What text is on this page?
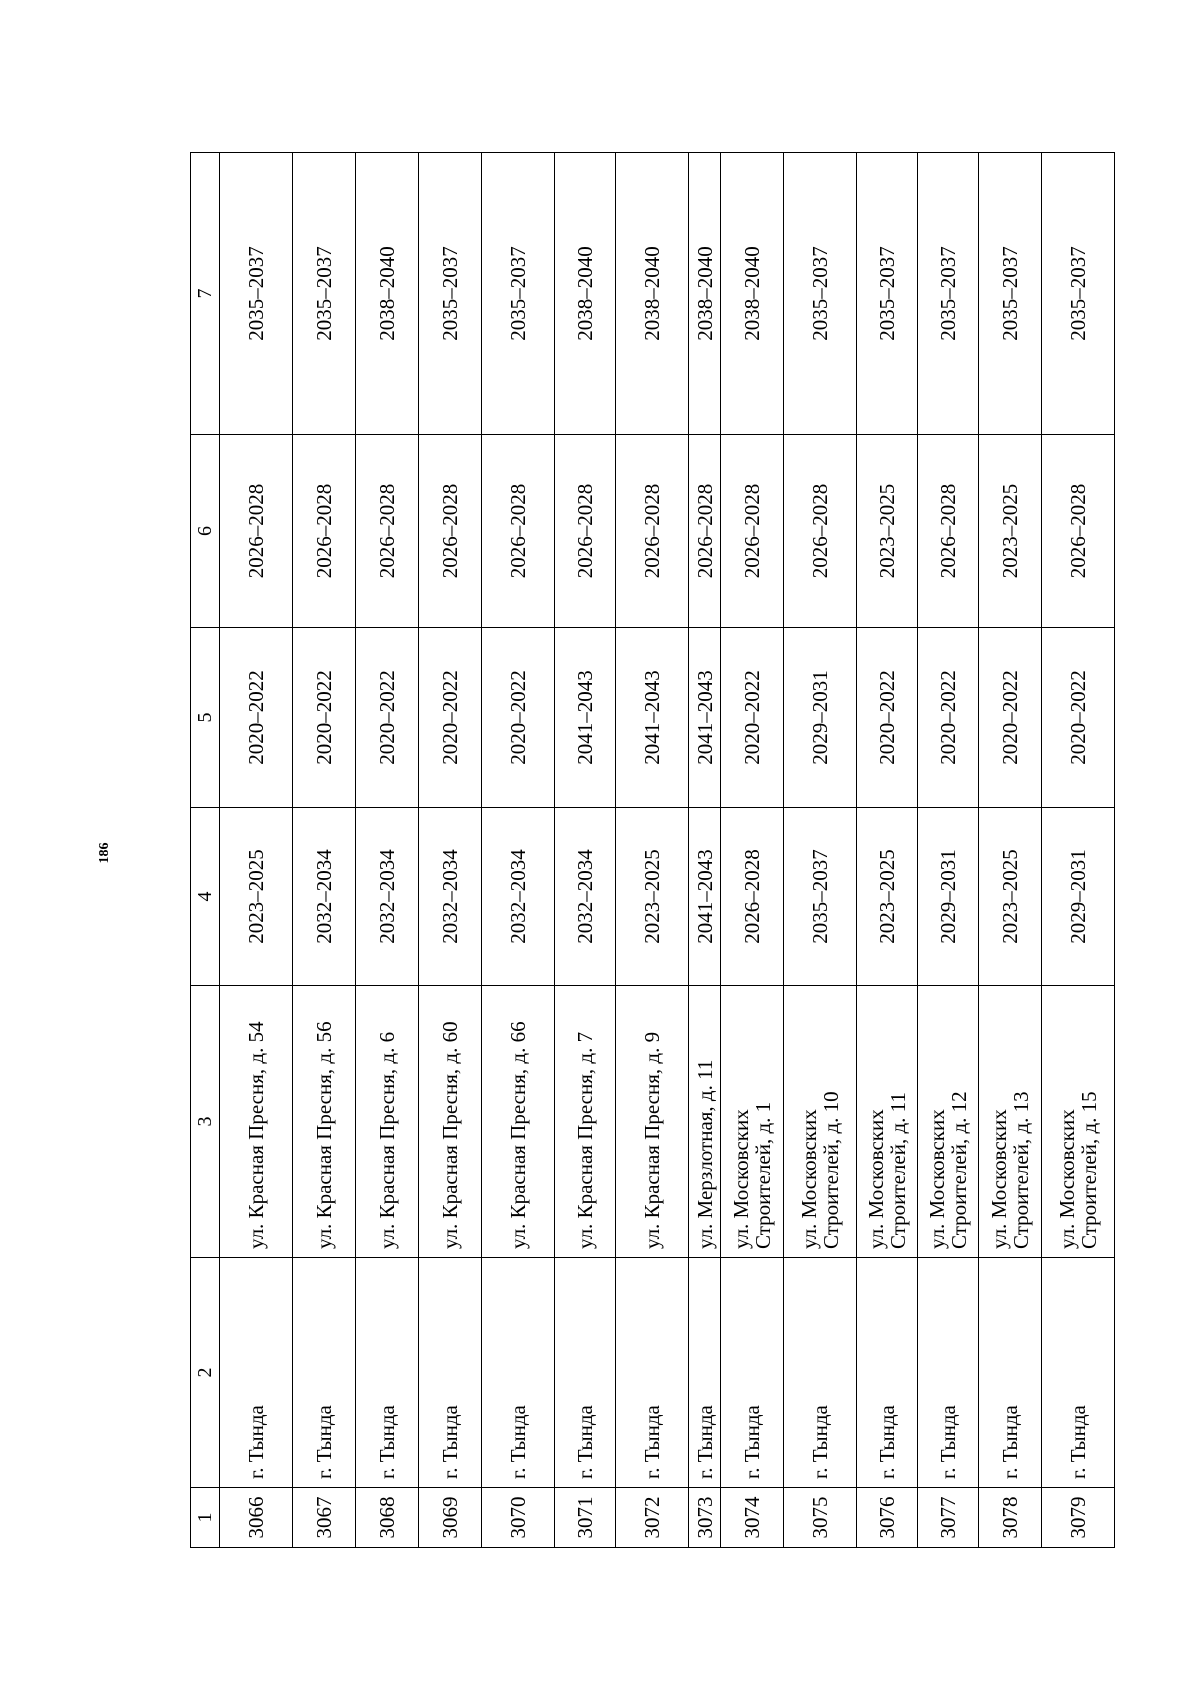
186
1	2	3	4	5	6	7
3066	г. Тында	ул. Красная Пресня, д. 54	2023–2025	2020–2022	2026–2028	2035–2037
3067	г. Тында	ул. Красная Пресня, д. 56	2032–2034	2020–2022	2026–2028	2035–2037
3068	г. Тында	ул. Красная Пресня, д. 6	2032–2034	2020–2022	2026–2028	2038–2040
3069	г. Тында	ул. Красная Пресня, д. 60	2032–2034	2020–2022	2026–2028	2035–2037
3070	г. Тында	ул. Красная Пресня, д. 66	2032–2034	2020–2022	2026–2028	2035–2037
3071	г. Тында	ул. Красная Пресня, д. 7	2032–2034	2041–2043	2026–2028	2038–2040
3072	г. Тында	ул. Красная Пресня, д. 9	2023–2025	2041–2043	2026–2028	2038–2040
3073	г. Тында	ул. Мерзлотная, д. 11	2041–2043	2041–2043	2026–2028	2038–2040
3074	г. Тында	ул. Московских Строителей, д. 1	2026–2028	2020–2022	2026–2028	2038–2040
3075	г. Тында	ул. Московских Строителей, д. 10	2035–2037	2029–2031	2026–2028	2035–2037
3076	г. Тында	ул. Московских Строителей, д. 11	2023–2025	2020–2022	2023–2025	2035–2037
3077	г. Тында	ул. Московских Строителей, д. 12	2029–2031	2020–2022	2026–2028	2035–2037
3078	г. Тында	ул. Московских Строителей, д. 13	2023–2025	2020–2022	2023–2025	2035–2037
3079	г. Тында	ул. Московских Строителей, д. 15	2029–2031	2020–2022	2026–2028	2035–2037
